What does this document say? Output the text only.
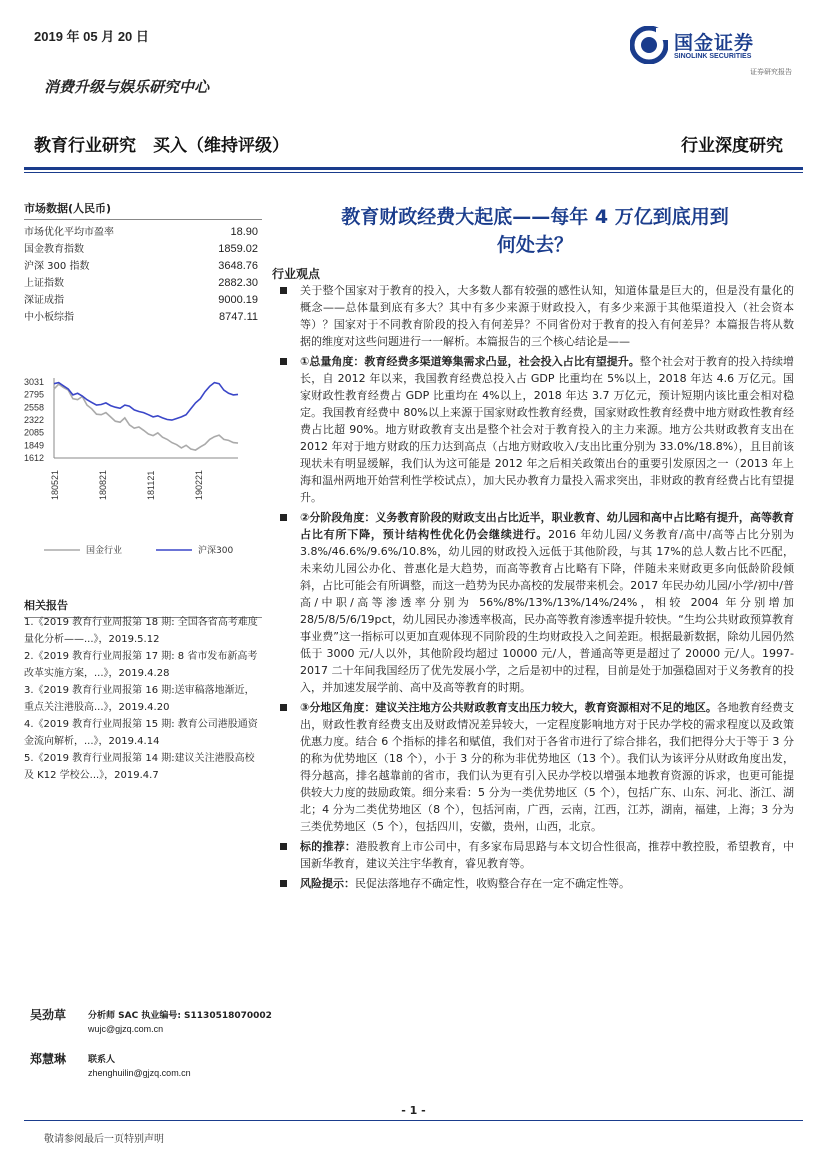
2019 年 05 月 20 日	国金证券
SINOLINK SECURITIES
证券研究报告
消费升级与娱乐研究中心
教育行业研究　买入（维持评级）	行业深度研究
市场数据(人民币)
市场优化平均市盈率	18.90
国金教育指数	1859.02
沪深 300 指数	3648.76
上证指数	2882.30
深证成指	9000.19
中小板综指	8747.11
3031
2795
2558
2322
2085
1849
1612
180521	180821	181121	190221
国金行业	沪深300
相关报告
1.《2019 教育行业周报第 18 期: 全国各省高考难度量化分析——...》，2019.5.12
2.《2019 教育行业周报第 17 期: 8 省市发布新高考改革实施方案，...》，2019.4.28
3.《2019 教育行业周报第 16 期:送审稿落地渐近，重点关注港股高...》，2019.4.20
4.《2019 教育行业周报第 15 期: 教育公司港股通资金流向解析，...》，2019.4.14
5.《2019 教育行业周报第 14 期:建议关注港股高校及 K12 学校公...》，2019.4.7
吴劲草 分析师 SAC 执业编号: S1130518070002
wujc@gjzq.com.cn
郑慧琳 联系人
zhenghuilin@gjzq.com.cn
教育财政经费大起底——每年 4 万亿到底用到
何处去？
行业观点
关于整个国家对于教育的投入，大多数人都有较强的感性认知，知道体量是巨大的，但是没有量化的概念——总体量到底有多大？其中有多少来源于财政投入，有多少来源于其他渠道投入（社会资本等）？国家对于不同教育阶段的投入有何差异？不同省份对于教育的投入有何差异？本篇报告将从数据的维度对这些问题进行一一解析。本篇报告的三个核心结论是——
①总量角度：教育经费多渠道筹集需求凸显，社会投入占比有望提升。整个社会对于教育的投入持续增长，自 2012 年以来，我国教育经费总投入占 GDP 比重均在 5%以上，2018 年达 4.6 万亿元。国家财政性教育经费占 GDP 比重均在 4%以上，2018 年达 3.7 万亿元，预计短期内该比重会相对稳定。我国教育经费中 80%以上来源于国家财政性教育经费，国家财政性教育经费中地方财政性教育经费占比超 90%。地方财政教育支出是整个社会对于教育投入的主力来源。地方公共财政教育支出在 2012 年对于地方财政的压力达到高点（占地方财政收入/支出比重分别为 33.0%/18.8%），且目前该现状未有明显缓解，我们认为这可能是 2012 年之后相关政策出台的重要引发原因之一（2013 年上海和温州两地开始营利性学校试点），加大民办教育力量投入需求突出，非财政的教育经费占比有望提升。
②分阶段角度：义务教育阶段的财政支出占比近半，职业教育、幼儿园和高中占比略有提升，高等教育占比有所下降，预计结构性优化仍会继续进行。2016 年幼儿园/义务教育/高中/高等占比分别为 3.8%/46.6%/9.6%/10.8%，幼儿园的财政投入远低于其他阶段，与其 17%的总人数占比不匹配，未来幼儿园公办化、普惠化是大趋势，而高等教育占比略有下降，伴随未来财政更多向低龄阶段倾斜，占比可能会有所调整，而这一趋势为民办高校的发展带来机会。2017 年民办幼儿园/小学/初中/普高/中职/高等渗透率分别为 56%/8%/13%/13%/14%/24%，相较 2004 年分别增加 28/5/8/5/6/19pct，幼儿园民办渗透率极高，民办高等教育渗透率提升较快。“生均公共财政预算教育事业费”这一指标可以更加直观体现不同阶段的生均财政投入之间差距。根据最新数据，除幼儿园仍然低于 3000 元/人以外，其他阶段均超过 10000 元/人，普通高等更是超过了 20000 元/人。1997-2017 二十年间我国经历了优先发展小学，之后是初中的过程，目前是处于加强稳固对于义务教育的投入，并加速发展学前、高中及高等教育的时期。
③分地区角度：建议关注地方公共财政教育支出压力较大，教育资源相对不足的地区。各地教育经费支出，财政性教育经费支出及财政情况差异较大，一定程度影响地方对于民办学校的需求程度以及政策优惠力度。结合 6 个指标的排名和赋值，我们对于各省市进行了综合排名，我们把得分大于等于 3 分的称为优势地区（18 个），小于 3 分的称为非优势地区（13 个）。我们认为该评分从财政角度出发，得分越高，排名越靠前的省市，我们认为更有引入民办学校以增强本地教育资源的诉求，也更可能提供较大力度的鼓励政策。细分来看：5 分为一类优势地区（5 个），包括广东、山东、河北、浙江、湖北；4 分为二类优势地区（8 个），包括河南，广西，云南，江西，江苏，湖南，福建，上海；3 分为三类优势地区（5 个），包括四川，安徽，贵州，山西，北京。
标的推荐：港股教育上市公司中，有多家布局思路与本文切合性很高，推荐中教控股，希望教育，中国新华教育，建议关注宇华教育，睿见教育等。
风险提示：民促法落地存不确定性，收购整合存在一定不确定性等。
- 1 -
敬请参阅最后一页特别声明
